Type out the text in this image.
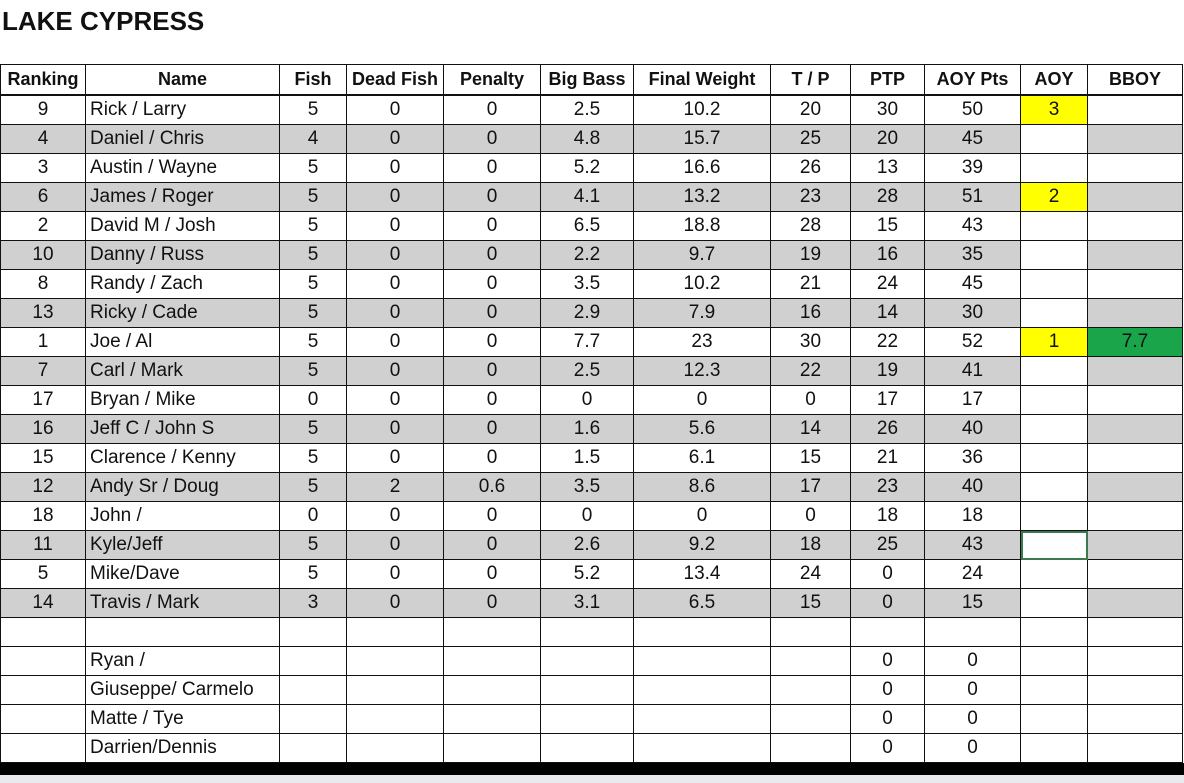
LAKE CYPRESS
Ranking	Name	Fish	Dead Fish	Penalty	Big Bass	Final Weight	T / P	PTP	AOY Pts	AOY	BBOY
9	Rick / Larry	5	0	0	2.5	10.2	20	30	50	3	
4	Daniel / Chris	4	0	0	4.8	15.7	25	20	45		
3	Austin / Wayne	5	0	0	5.2	16.6	26	13	39		
6	James / Roger	5	0	0	4.1	13.2	23	28	51	2	
2	David M / Josh	5	0	0	6.5	18.8	28	15	43		
10	Danny / Russ	5	0	0	2.2	9.7	19	16	35		
8	Randy / Zach	5	0	0	3.5	10.2	21	24	45		
13	Ricky / Cade	5	0	0	2.9	7.9	16	14	30		
1	Joe / Al	5	0	0	7.7	23	30	22	52	1	7.7
7	Carl / Mark	5	0	0	2.5	12.3	22	19	41		
17	Bryan / Mike	0	0	0	0	0	0	17	17		
16	Jeff C / John S	5	0	0	1.6	5.6	14	26	40		
15	Clarence / Kenny	5	0	0	1.5	6.1	15	21	36		
12	Andy Sr / Doug	5	2	0.6	3.5	8.6	17	23	40		
18	John /	0	0	0	0	0	0	18	18		
11	Kyle/Jeff	5	0	0	2.6	9.2	18	25	43		
5	Mike/Dave	5	0	0	5.2	13.4	24	0	24		
14	Travis / Mark	3	0	0	3.1	6.5	15	0	15		

	Ryan /							0	0		
	Giuseppe/ Carmelo							0	0		
	Matte / Tye							0	0		
	Darrien/Dennis							0	0		
